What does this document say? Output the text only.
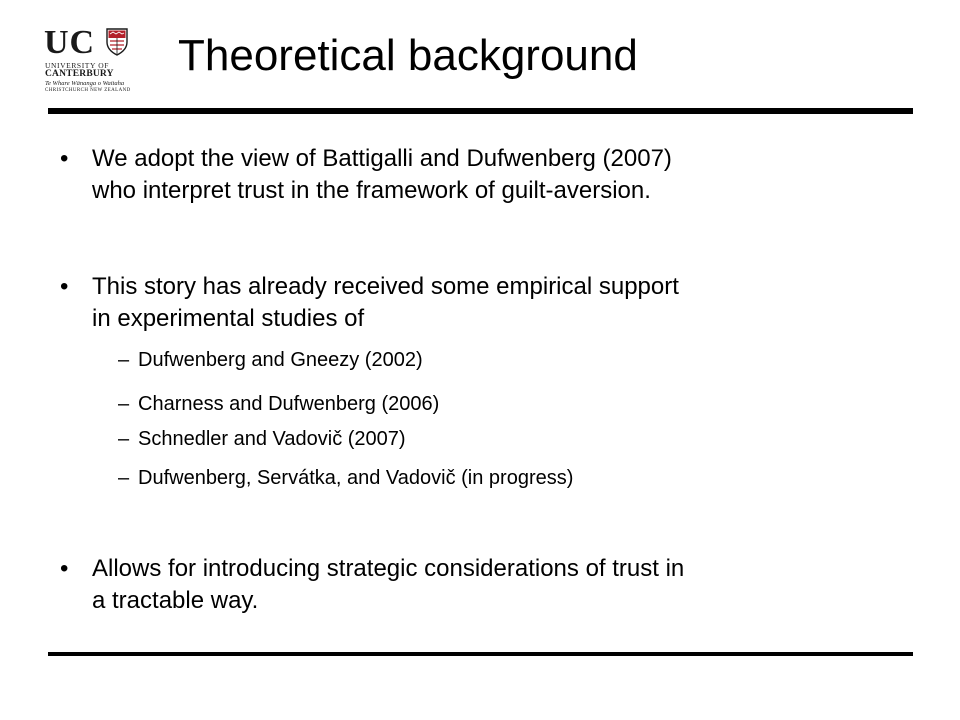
UC
UNIVERSITY OF
CANTERBURY
Te Whare Wānanga o Waitaha
CHRISTCHURCH NEW ZEALAND
Theoretical background
• We adopt the view of Battigalli and Dufwenberg (2007)
who interpret trust in the framework of guilt-aversion.
• This story has already received some empirical support
in experimental studies of
– Dufwenberg and Gneezy (2002)
– Charness and Dufwenberg (2006)
– Schnedler and Vadovič (2007)
– Dufwenberg, Servátka, and Vadovič (in progress)
• Allows for introducing strategic considerations of trust in
a tractable way.
